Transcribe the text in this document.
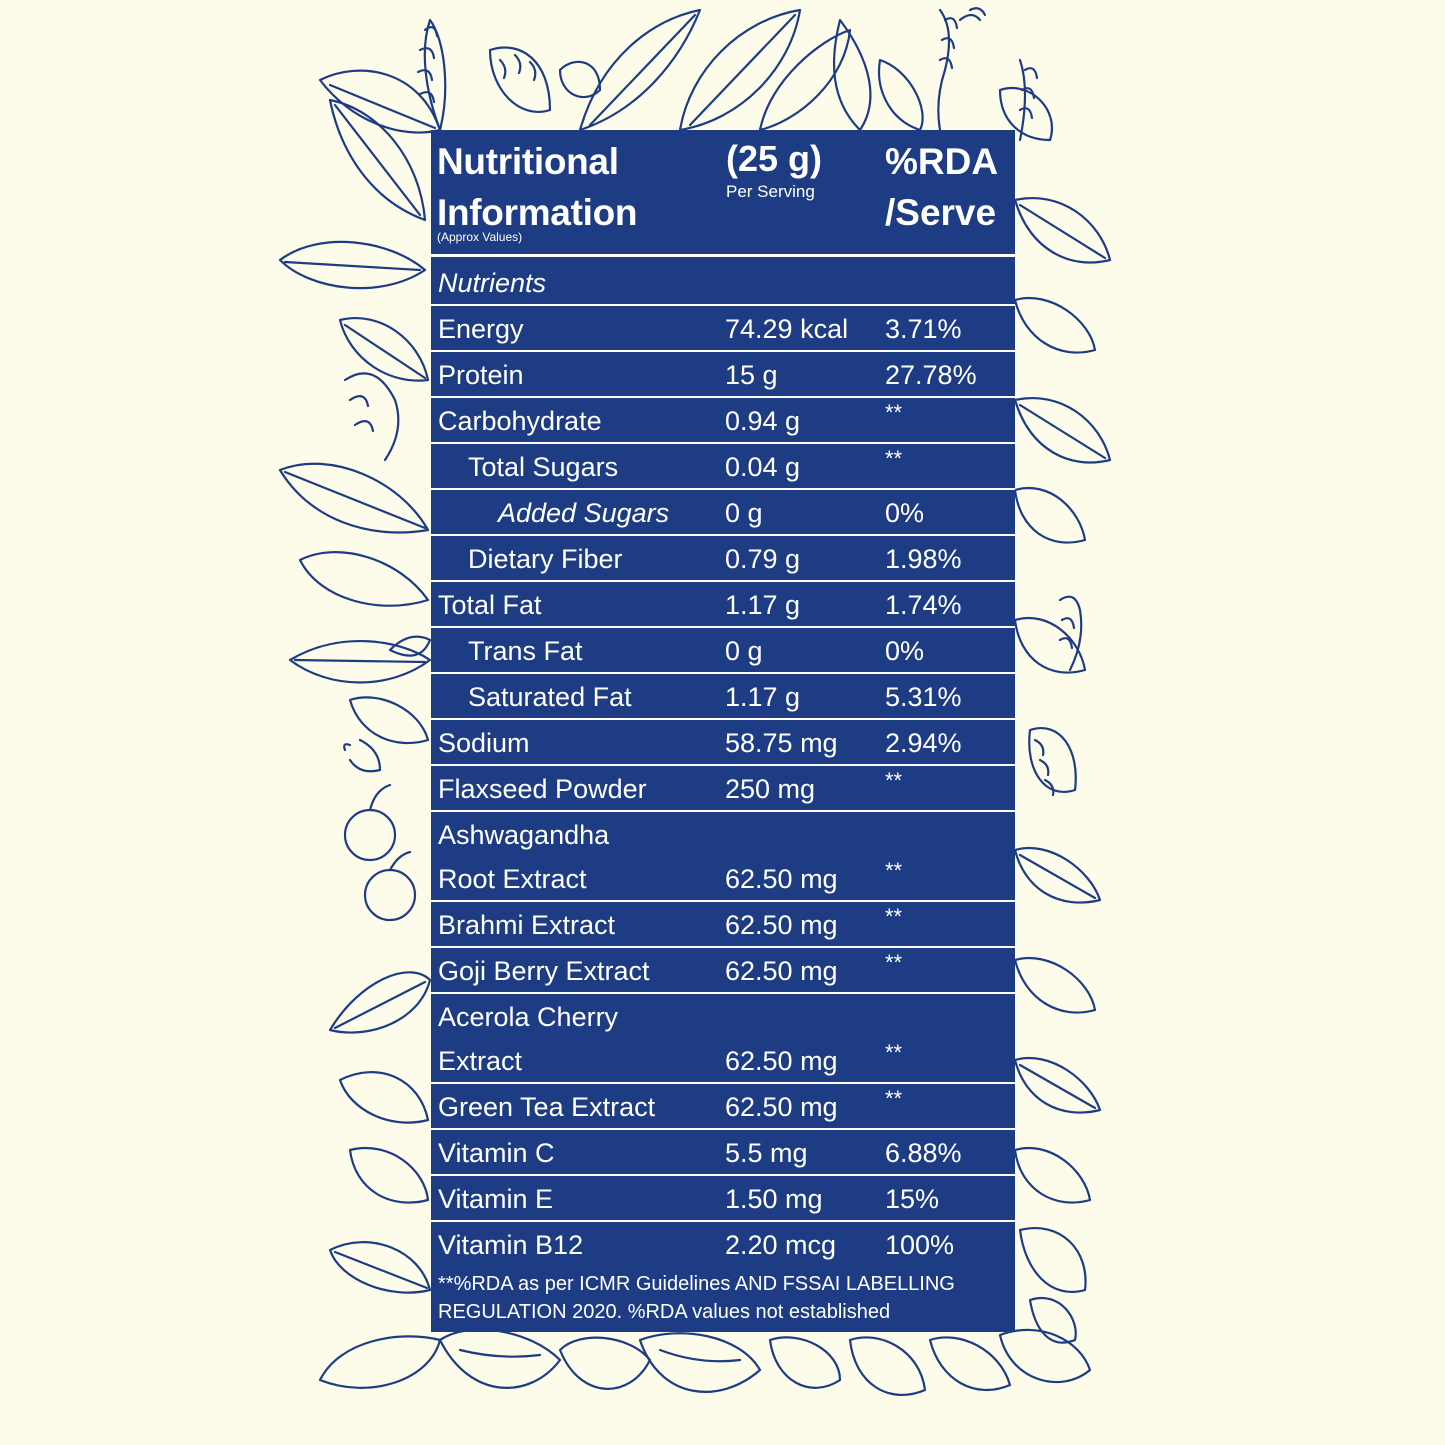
Nutritional
Information
(Approx Values)
(25 g)
Per Serving
%RDA
/Serve
Nutrients
Energy	74.29 kcal 3.71%
Protein	15 g	27.78%
Carbohydrate	0.94 g	**
Total Sugars	0.04 g	**
Added Sugars 0 g	0%
Dietary Fiber	0.79 g	1.98%
Total Fat	1.17 g	1.74%
Trans Fat	0 g	0%
Saturated Fat	1.17 g	5.31%
Sodium	58.75 mg 2.94%
Flaxseed Powder	250 mg	**
Ashwagandha
Root Extract	62.50 mg **
Brahmi Extract	62.50 mg **
Goji Berry Extract	62.50 mg **
Acerola Cherry
Extract	62.50 mg **
Green Tea Extract	62.50 mg **
Vitamin C	5.5 mg	6.88%
Vitamin E	1.50 mg 15%
Vitamin B12	2.20 mcg 100%
**%RDA as per ICMR Guidelines AND FSSAI LABELLING
REGULATION 2020. %RDA values not established
